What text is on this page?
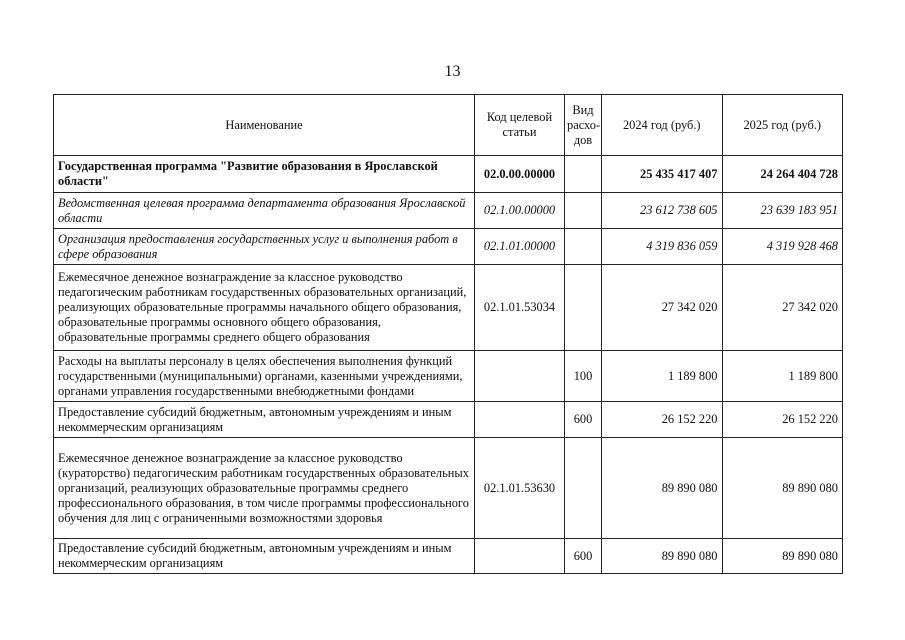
13
Наименование	Код целевой статьи	Вид расхо-дов	2024 год (руб.)	2025 год (руб.)
Государственная программа "Развитие образования в Ярославской области"	02.0.00.00000		25 435 417 407	24 264 404 728
Ведомственная целевая программа департамента образования Ярославской области	02.1.00.00000		23 612 738 605	23 639 183 951
Организация предоставления государственных услуг и выполнения работ в сфере образования	02.1.01.00000		4 319 836 059	4 319 928 468
Ежемесячное денежное вознаграждение за классное руководство педагогическим работникам государственных образовательных организаций, реализующих образовательные программы начального общего образования, образовательные программы основного общего образования, образовательные программы среднего общего образования	02.1.01.53034		27 342 020	27 342 020
Расходы на выплаты персоналу в целях обеспечения выполнения функций государственными (муниципальными) органами, казенными учреждениями, органами управления государственными внебюджетными фондами		100	1 189 800	1 189 800
Предоставление субсидий бюджетным, автономным учреждениям и иным некоммерческим организациям		600	26 152 220	26 152 220
Ежемесячное денежное вознаграждение за классное руководство (кураторство) педагогическим работникам государственных образовательных организаций, реализующих образовательные программы среднего профессионального образования, в том числе программы профессионального обучения для лиц с ограниченными возможностями здоровья	02.1.01.53630		89 890 080	89 890 080
Предоставление субсидий бюджетным, автономным учреждениям и иным некоммерческим организациям		600	89 890 080	89 890 080
